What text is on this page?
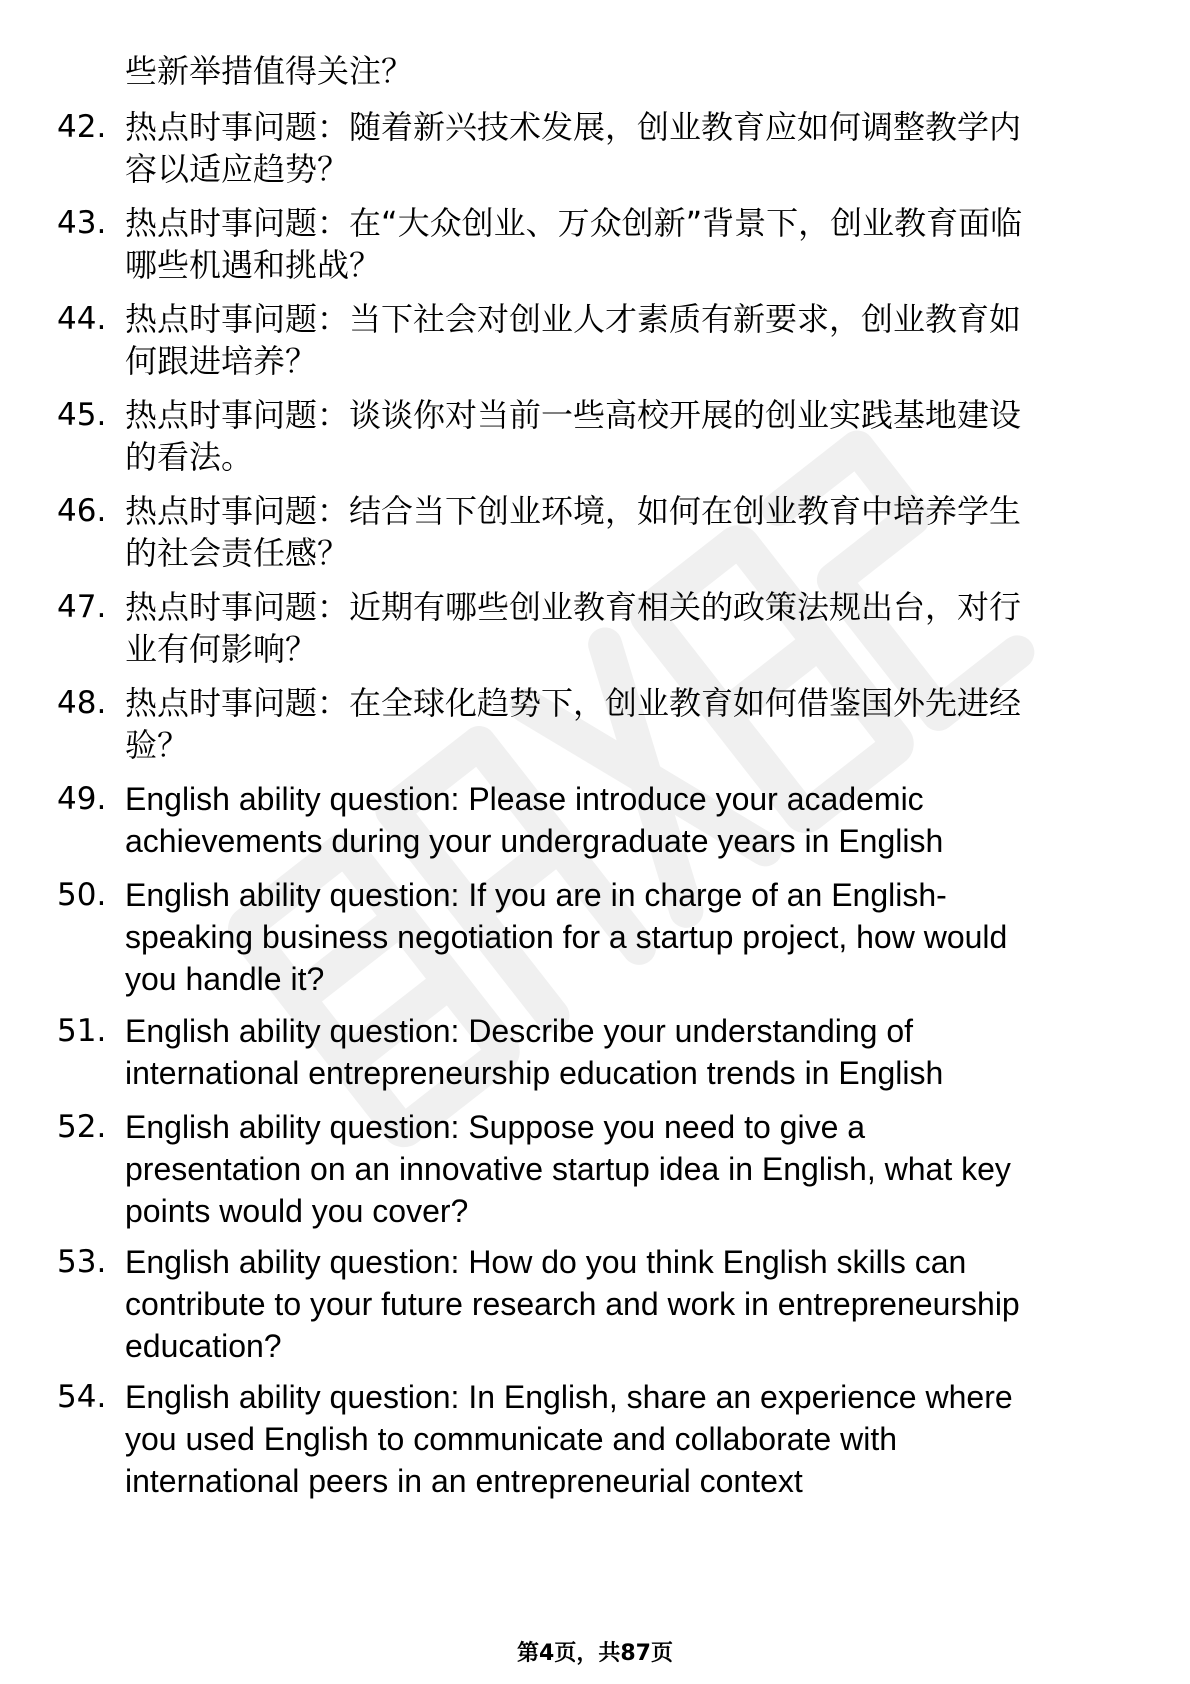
些新举措值得关注？
42. 热点时事问题：随着新兴技术发展，创业教育应如何调整教学内
容以适应趋势？
43. 热点时事问题：在“大众创业、万众创新”背景下，创业教育面临
哪些机遇和挑战？
44. 热点时事问题：当下社会对创业人才素质有新要求，创业教育如
何跟进培养？
45. 热点时事问题：谈谈你对当前一些高校开展的创业实践基地建设
的看法。
46. 热点时事问题：结合当下创业环境，如何在创业教育中培养学生
的社会责任感？
47. 热点时事问题：近期有哪些创业教育相关的政策法规出台，对行
业有何影响？
48. 热点时事问题：在全球化趋势下，创业教育如何借鉴国外先进经
验？
49. English ability question: Please introduce your academic
achievements during your undergraduate years in English
50. English ability question: If you are in charge of an English-
speaking business negotiation for a startup project, how would
you handle it?
51. English ability question: Describe your understanding of
international entrepreneurship education trends in English
52. English ability question: Suppose you need to give a
presentation on an innovative startup idea in English, what key
points would you cover?
53. English ability question: How do you think English skills can
contribute to your future research and work in entrepreneurship
education?
54. English ability question: In English, share an experience where
you used English to communicate and collaborate with
international peers in an entrepreneurial context
第4页，共87页
